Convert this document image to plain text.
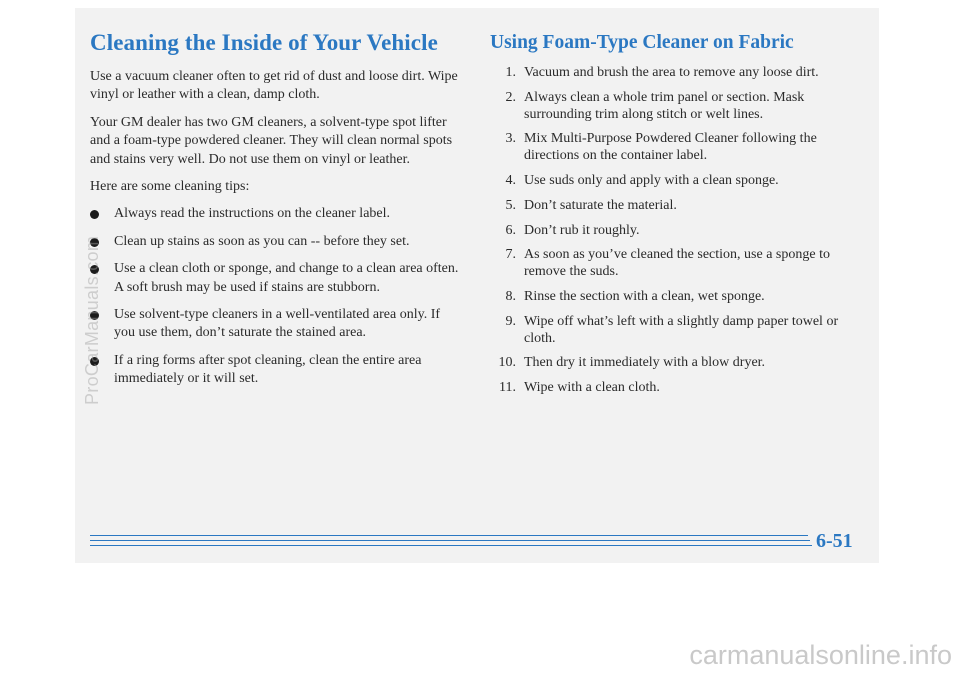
Cleaning the Inside of Your Vehicle

Use a vacuum cleaner often to get rid of dust and loose dirt. Wipe vinyl or leather with a clean, damp cloth.

Your GM dealer has two GM cleaners, a solvent-type spot lifter and a foam-type powdered cleaner. They will clean normal spots and stains very well. Do not use them on vinyl or leather.

Here are some cleaning tips:

Always read the instructions on the cleaner label.
Clean up stains as soon as you can -- before they set.
Use a clean cloth or sponge, and change to a clean area often. A soft brush may be used if stains are stubborn.
Use solvent-type cleaners in a well-ventilated area only. If you use them, don’t saturate the stained area.
If a ring forms after spot cleaning, clean the entire area immediately or it will set.
Using Foam-Type Cleaner on Fabric
1. Vacuum and brush the area to remove any loose dirt.
2. Always clean a whole trim panel or section. Mask surrounding trim along stitch or welt lines.
3. Mix Multi-Purpose Powdered Cleaner following the directions on the container label.
4. Use suds only and apply with a clean sponge.
5. Don’t saturate the material.
6. Don’t rub it roughly.
7. As soon as you’ve cleaned the section, use a sponge to remove the suds.
8. Rinse the section with a clean, wet sponge.
9. Wipe off what’s left with a slightly damp paper towel or cloth.
10. Then dry it immediately with a blow dryer.
11. Wipe with a clean cloth.
6-51
ProCarManuals.com
carmanualsonline.info
